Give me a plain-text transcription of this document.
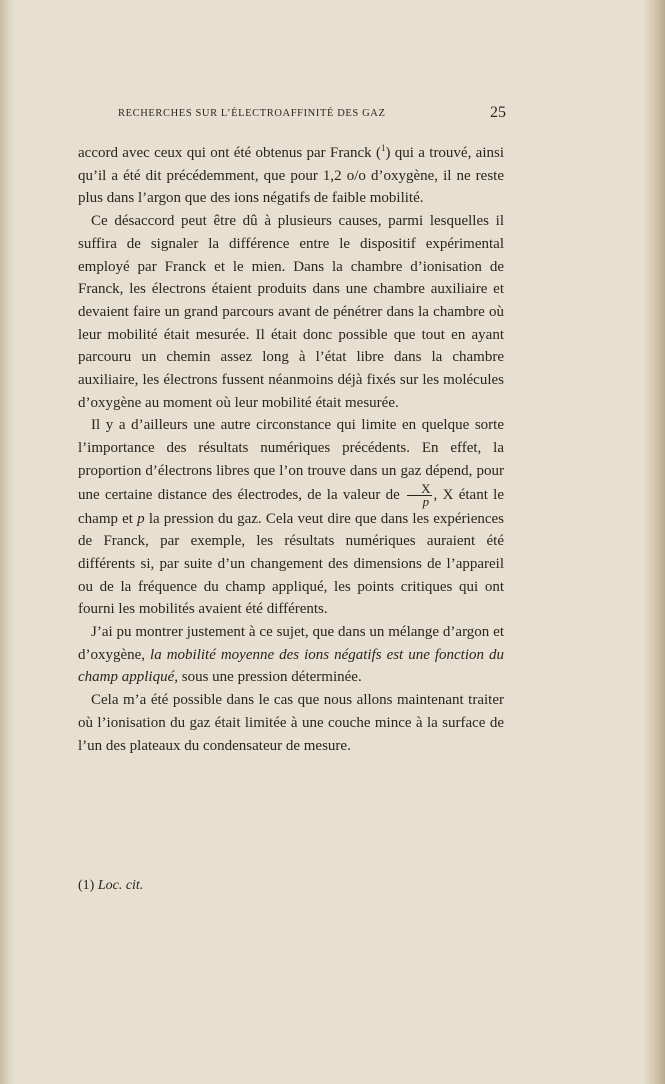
RECHERCHES SUR L’ÉLECTROAFFINITÉ DES GAZ	25

accord avec ceux qui ont été obtenus par Franck ($^1$) qui a trouvé, ainsi qu’il a été dit précédemment, que pour 1,2 o/o d’oxygène, il ne reste plus dans l’argon que des ions négatifs de faible mobilité.

Ce désaccord peut être dû à plusieurs causes, parmi lesquelles il suffira de signaler la différence entre le dispositif expérimental employé par Franck et le mien. Dans la chambre d’ionisation de Franck, les électrons étaient produits dans une chambre auxiliaire et devaient faire un grand parcours avant de pénétrer dans la chambre où leur mobilité était mesurée. Il était donc possible que tout en ayant parcouru un chemin assez long à l’état libre dans la chambre auxiliaire, les électrons fussent néanmoins déjà fixés sur les molécules d’oxygène au moment où leur mobilité était mesurée.

Il y a d’ailleurs une autre circonstance qui limite en quelque sorte l’importance des résultats numériques précédents. En effet, la proportion d’électrons libres que l’on trouve dans un gaz dépend, pour une certaine distance des électrodes, de la valeur de $\frac{X}{p}$ , X étant le champ et p la pression du gaz. Cela veut dire que dans les expériences de Franck, par exemple, les résultats numériques auraient été différents si, par suite d’un changement des dimensions de l’appareil ou de la fréquence du champ appliqué, les points critiques qui ont fourni les mobilités avaient été différents.

J’ai pu montrer justement à ce sujet, que dans un mélange d’argon et d’oxygène, la mobilité moyenne des ions négatifs est une fonction du champ appliqué, sous une pression déterminée.

Cela m’a été possible dans le cas que nous allons maintenant traiter où l’ionisation du gaz était limitée à une couche mince à la surface de l’un des plateaux du condensateur de mesure.

(1) Loc. cit.
